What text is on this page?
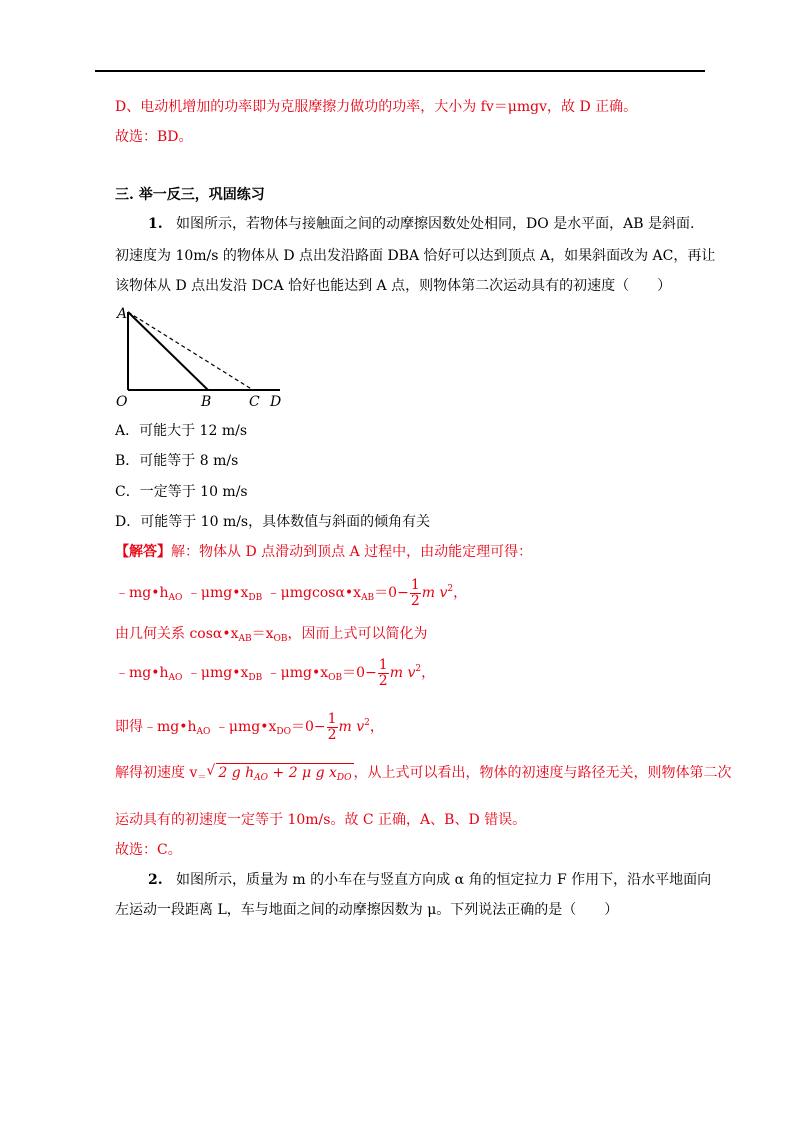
D、电动机增加的功率即为克服摩擦力做功的功率，大小为 fv＝μmgv，故 D 正确。
故选：BD。
三. 举一反三，巩固练习
1. 如图所示，若物体与接触面之间的动摩擦因数处处相同，DO 是水平面，AB 是斜面.
初速度为 10m/s 的物体从 D 点出发沿路面 DBA 恰好可以达到顶点 A，如果斜面改为 AC，再让
该物体从 D 点出发沿 DCA 恰好也能达到 A 点，则物体第二次运动具有的初速度（　　）
A
O	B	C D
A．可能大于 12 m/s
B．可能等于 8 m/s
C．一定等于 10 m/s
D．可能等于 10 m/s，具体数值与斜面的倾角有关
【解答】解：物体从 D 点滑动到顶点 A 过程中，由动能定理可得：
$﹣mg•h_{AO}$ $﹣\mu mg•x_{DB}$ $﹣\mu mgcos\alpha•x_{AB}=0- \frac{1}{2}$ m $v^2$，
由几何关系 $\cos\alpha•x_{AB}=x_{OB}$，因而上式可以简化为
$﹣mg•h_{AO}$ $﹣\mu mg•x_{DB}$ $﹣\mu mg•x_{OB}=0- \frac{1}{2}$ m $v^2$，
即得$﹣mg•h_{AO}$ $﹣\mu mg•x_{DO}=0- \frac{1}{2}$ m $v^2$，
解得初速度 $v_=$ √ 2 g $h_{AO} + 2$ μ g $x_{DO}$ ，从上式可以看出，物体的初速度与路径无关，则物体第二次
运动具有的初速度一定等于 10m/s。故 C 正确，A、B、D 错误。
故选：C。
2. 如图所示，质量为 m 的小车在与竖直方向成 α 角的恒定拉力 F 作用下，沿水平地面向
左运动一段距离 L，车与地面之间的动摩擦因数为 μ。下列说法正确的是（　　）
